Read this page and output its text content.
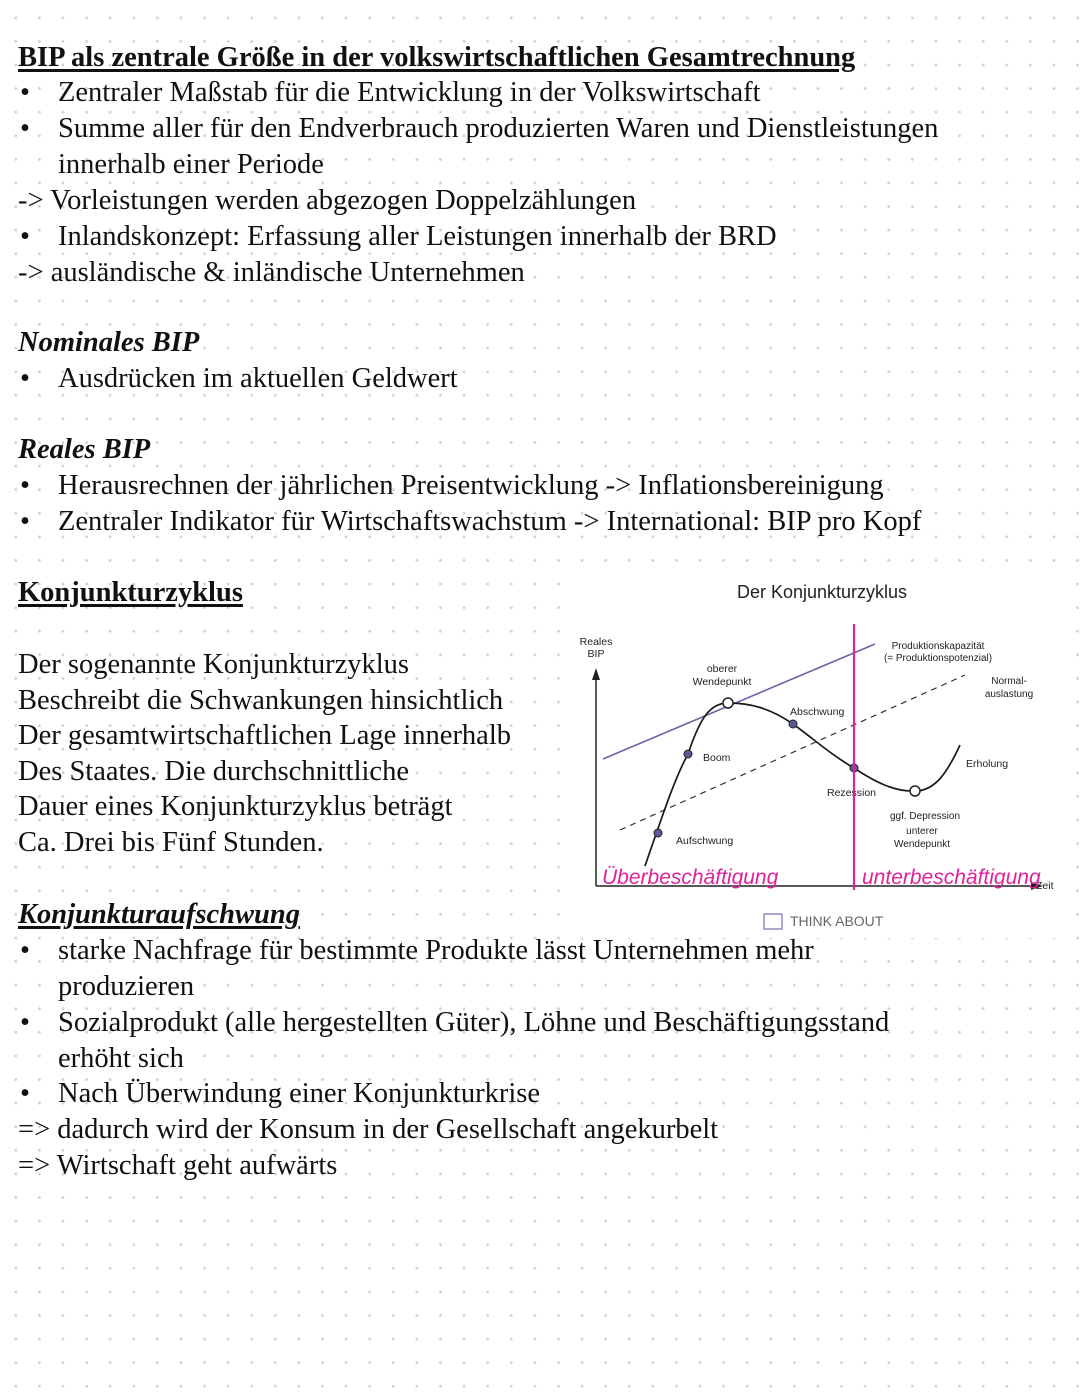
BIP als zentrale Größe in der volkswirtschaftlichen Gesamtrechnung
• Zentraler Maßstab für die Entwicklung in der Volkswirtschaft
• Summe aller für den Endverbrauch produzierten Waren und Dienstleistungen
innerhalb einer Periode
-> Vorleistungen werden abgezogen Doppelzählungen
• Inlandskonzept: Erfassung aller Leistungen innerhalb der BRD
-> ausländische & inländische Unternehmen
Nominales BIP
• Ausdrücken im aktuellen Geldwert
Reales BIP
• Herausrechnen der jährlichen Preisentwicklung -> Inflationsbereinigung
• Zentraler Indikator für Wirtschaftswachstum -> International: BIP pro Kopf
Konjunkturzyklus
Der sogenannte Konjunkturzyklus
Beschreibt die Schwankungen hinsichtlich
Der gesamtwirtschaftlichen Lage innerhalb
Des Staates. Die durchschnittliche
Dauer eines Konjunkturzyklus beträgt
Ca. Drei bis Fünf Stunden.
Der Konjunkturzyklus
Reales
BIP
Zeit
Produktionskapazität
(= Produktionspotenzial)
Normal-
auslastung
oberer
Wendepunkt
Abschwung
Boom
Rezession
Erholung
ggf. Depression
unterer
Wendepunkt
Aufschwung
Überbeschäftigung	unterbeschäftigung
THINK ABOUT
Konjunkturaufschwung
• starke Nachfrage für bestimmte Produkte lässt Unternehmen mehr
produzieren
• Sozialprodukt (alle hergestellten Güter), Löhne und Beschäftigungsstand
erhöht sich
• Nach Überwindung einer Konjunkturkrise
=> dadurch wird der Konsum in der Gesellschaft angekurbelt
=> Wirtschaft geht aufwärts
